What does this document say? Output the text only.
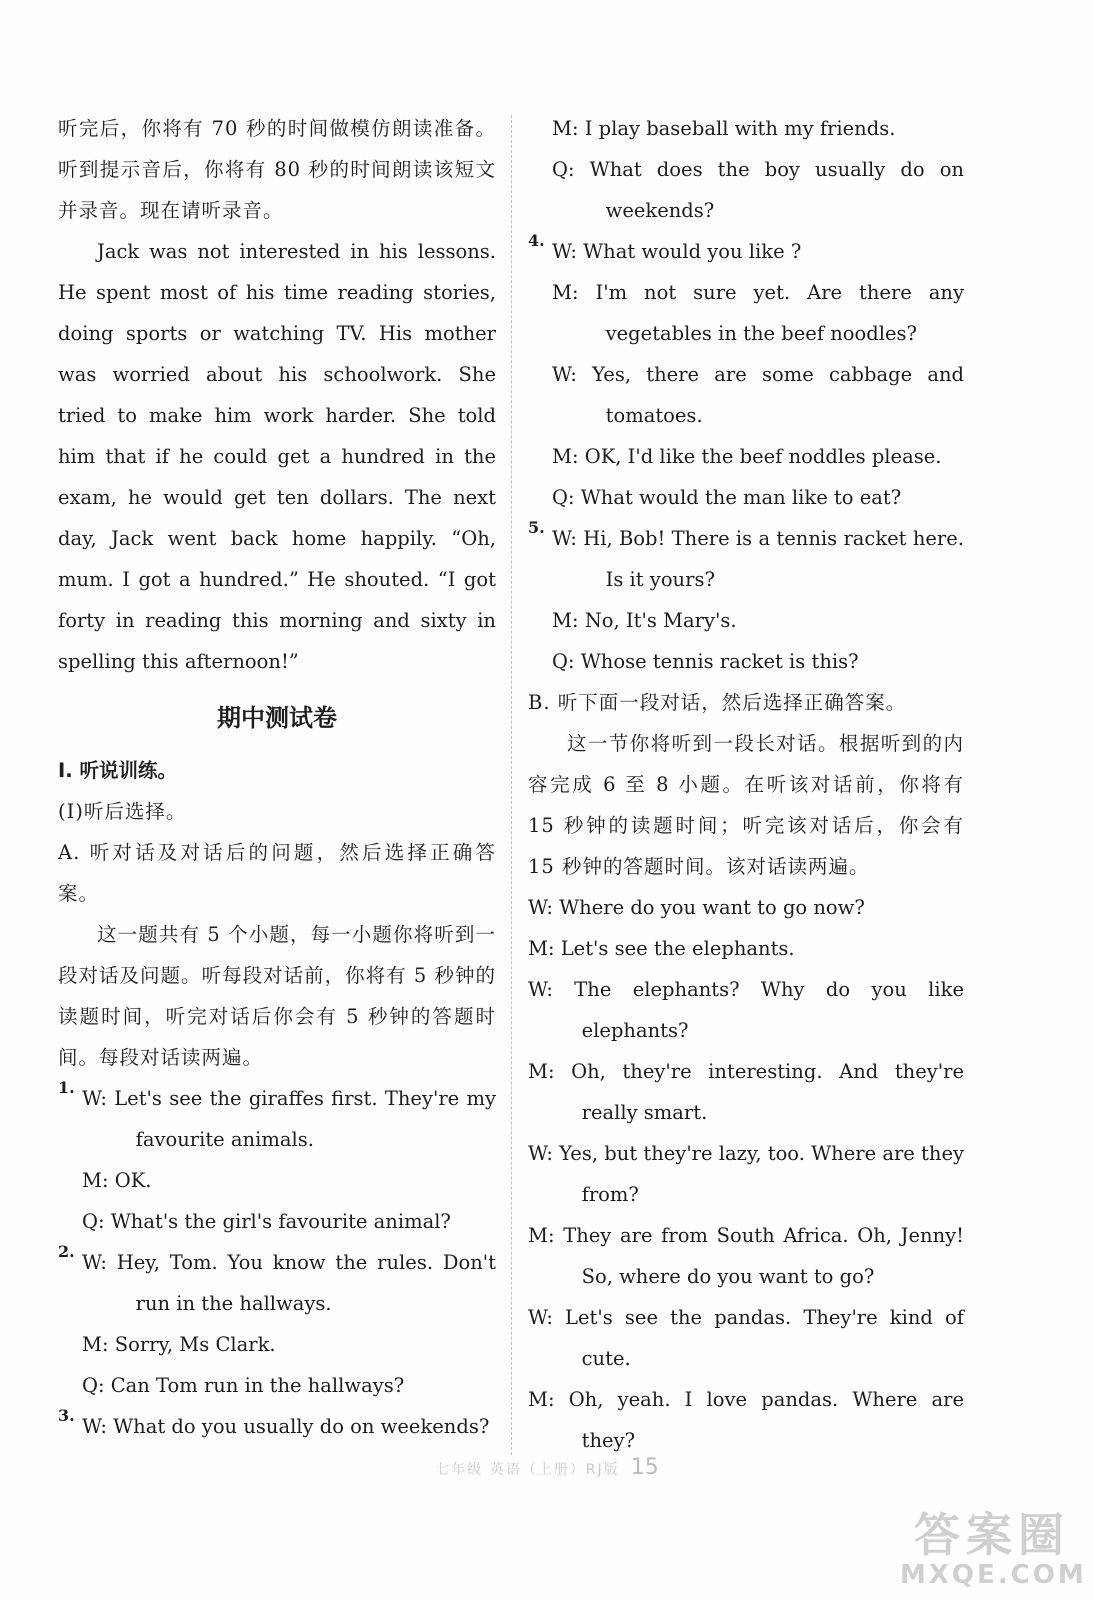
听完后，你将有 70 秒的时间做模仿朗读准备。听到提示音后，你将有 80 秒的时间朗读该短文并录音。现在请听录音。

Jack was not interested in his lessons. He spent most of his time reading stories, doing sports or watching TV. His mother was worried about his schoolwork. She tried to make him work harder. She told him that if he could get a hundred in the exam, he would get ten dollars. The next day, Jack went back home happily. “Oh, mum. I got a hundred.” He shouted. “I got forty in reading this morning and sixty in spelling this afternoon!”

期中测试卷

Ⅰ. 听说训练。

(Ⅰ)听后选择。

A. 听对话及对话后的问题，然后选择正确答案。

这一题共有 5 个小题，每一小题你将听到一段对话及问题。听每段对话前，你将有 5 秒钟的读题时间，听完对话后你会有 5 秒钟的答题时间。每段对话读两遍。

1. W: Let's see the giraffes first. They're my favourite animals.

M: OK.

Q: What's the girl's favourite animal?

2. W: Hey, Tom. You know the rules. Don't run in the hallways.

M: Sorry, Ms Clark.

Q: Can Tom run in the hallways?

3. W: What do you usually do on weekends?

M: I play baseball with my friends.

Q: What does the boy usually do on weekends?

4. W: What would you like ?

M: I'm not sure yet. Are there any vegetables in the beef noodles?

W: Yes, there are some cabbage and tomatoes.

M: OK, I'd like the beef noddles please.

Q: What would the man like to eat?

5. W: Hi, Bob! There is a tennis racket here. Is it yours?

M: No, It's Mary's.

Q: Whose tennis racket is this?

B. 听下面一段对话，然后选择正确答案。

这一节你将听到一段长对话。根据听到的内容完成 6 至 8 小题。在听该对话前，你将有 15 秒钟的读题时间；听完该对话后，你会有 15 秒钟的答题时间。该对话读两遍。

W: Where do you want to go now?

M: Let's see the elephants.

W: The elephants? Why do you like elephants?

M: Oh, they're interesting. And they're really smart.

W: Yes, but they're lazy, too. Where are they from?

M: They are from South Africa. Oh, Jenny! So, where do you want to go?

W: Let's see the pandas. They're kind of cute.

M: Oh, yeah. I love pandas. Where are they?

七年级 英语（上册）RJ版 15
答案圈
MXQE.COM
